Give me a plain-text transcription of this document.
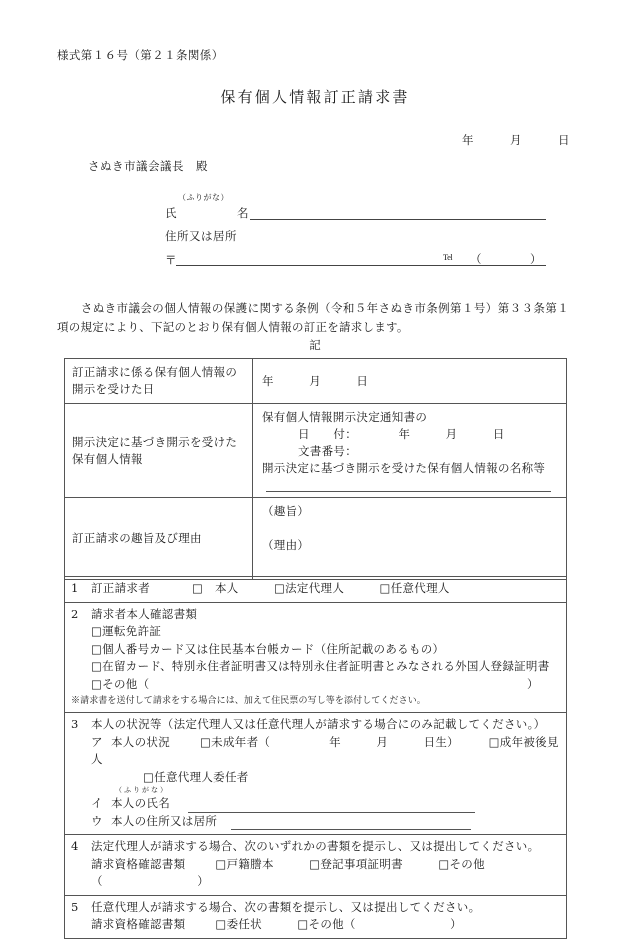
様式第１６号（第２１条関係）
保有個人情報訂正請求書
年　　　月　　　日
さぬき市議会議長　殿
（ふりがな）
氏　　　　　名
住所又は居所
〒	Tel （　　　　）
　　さぬき市議会の個人情報の保護に関する条例（令和５年さぬき市条例第１号）第３３条第１項の規定により、下記のとおり保有個人情報の訂正を請求します。
記
訂正請求に係る保有個人情報の開示を受けた日	年　　　月　　　日
開示決定に基づき開示を受けた保有個人情報	保有個人情報開示決定通知書の
日　　付：　　　　年　　　月　　　日
文書番号：
開示決定に基づき開示を受けた保有個人情報の名称等

訂正請求の趣旨及び理由	（趣旨）
（理由）
1 訂正請求者	□　本人　　　□法定代理人　　　□任意代理人
2 請求者本人確認書類
□運転免許証
□個人番号カード又は住民基本台帳カード（住所記載のあるもの）
□在留カード、特別永住者証明書又は特別永住者証明書とみなされる外国人登録証明書
□その他（　　　　　　　　　　　　　　　　　　　　　　　　　　　　　　　　）
※請求書を送付して請求をする場合には、加えて住民票の写し等を添付してください。

3 本人の状況等（法定代理人又は任意代理人が請求する場合にのみ記載してください。）
ア 本人の状況	□未成年者（　　　　　年　　　月　　　日生）　　　□成年被後見人
□任意代理人委任者
（ふりがな）
イ 本人の氏名
ウ 本人の住所又は居所

4 法定代理人が請求する場合、次のいずれかの書類を提示し、又は提出してください。
請求資格確認書類	□戸籍謄本　　　□登記事項証明書　　　□その他（　　　　　　　　）

5 任意代理人が請求する場合、次の書類を提示し、又は提出してください。
請求資格確認書類	□委任状　　　□その他（　　　　　　　　）
